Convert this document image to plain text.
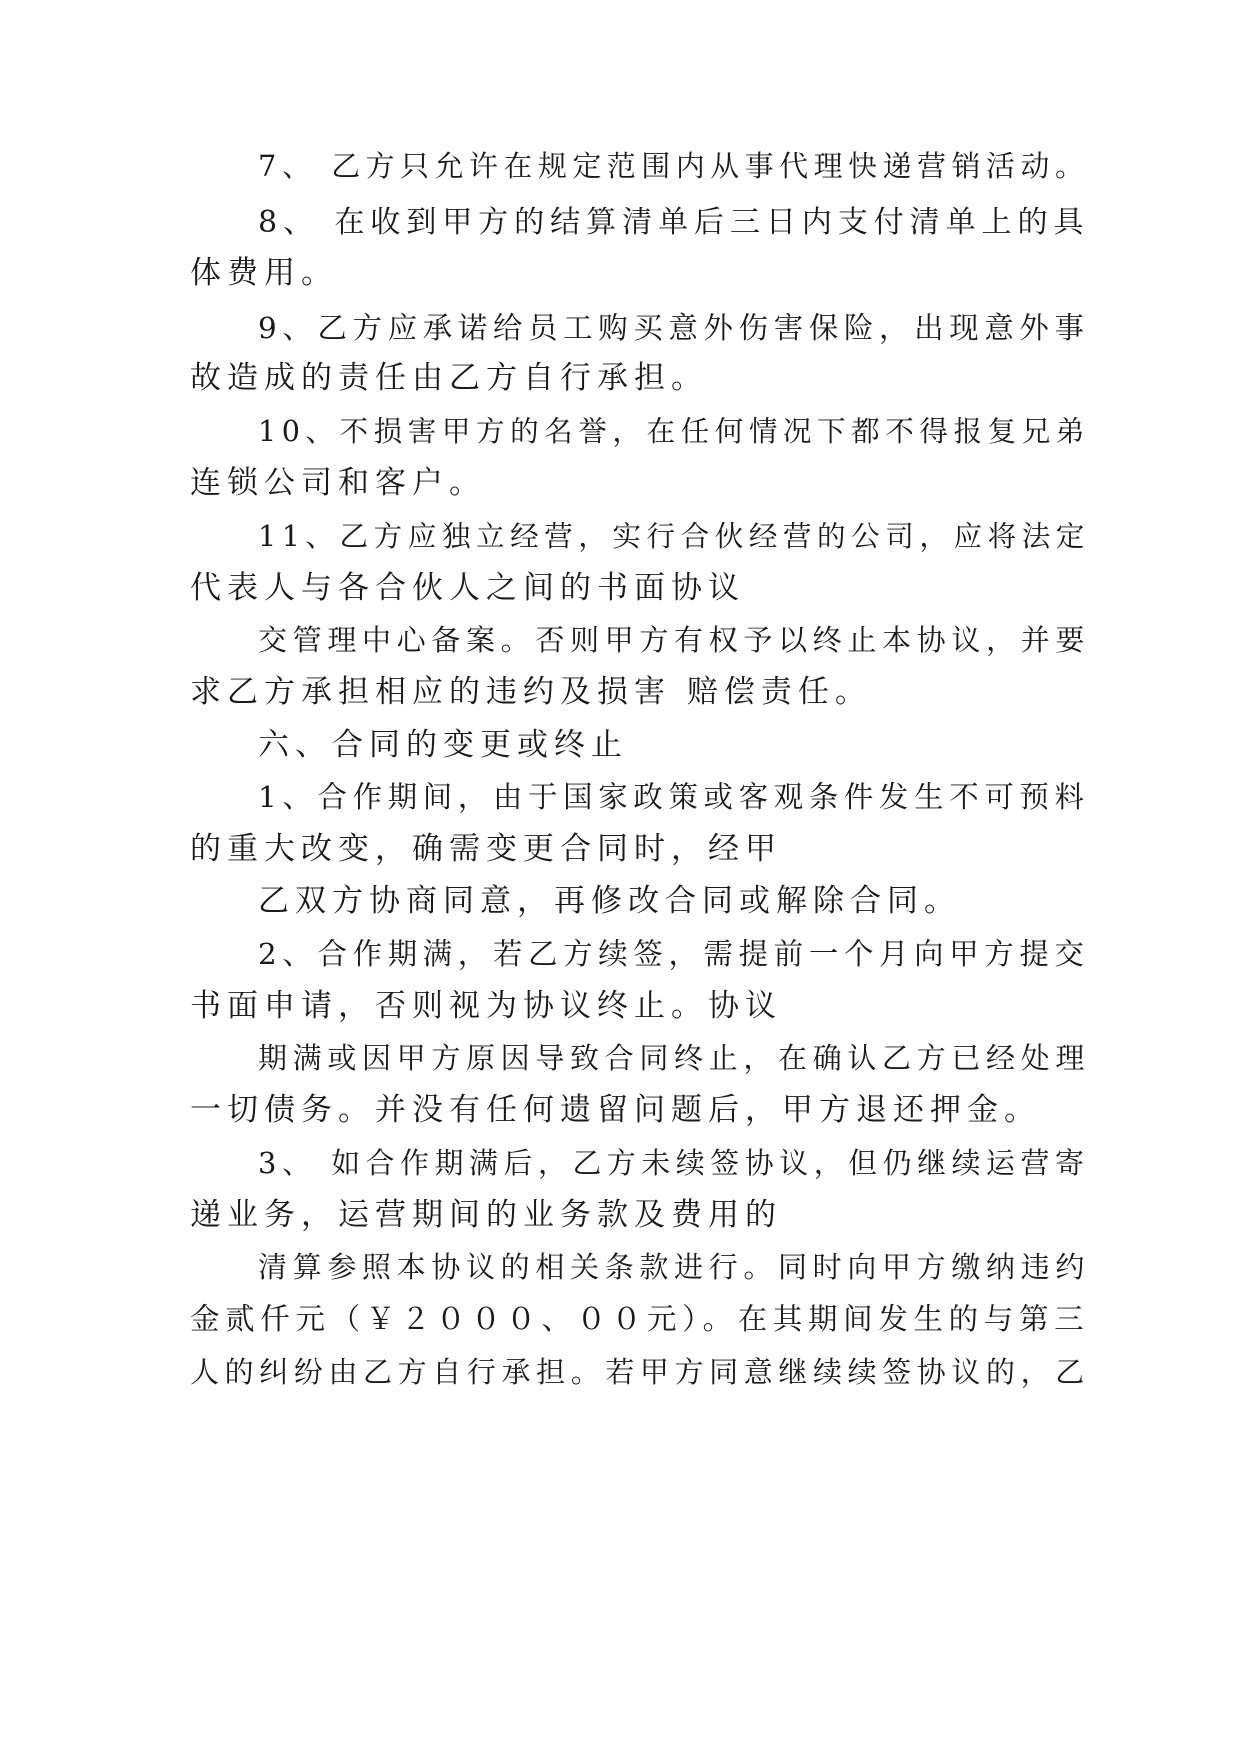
7、 乙方只允许在规定范围内从事代理快递营销活动。
8、 在收到甲方的结算清单后三日内支付清单上的具
体费用。
9、乙方应承诺给员工购买意外伤害保险，出现意外事
故造成的责任由乙方自行承担。
10、不损害甲方的名誉，在任何情况下都不得报复兄弟
连锁公司和客户。
11、乙方应独立经营，实行合伙经营的公司，应将法定
代表人与各合伙人之间的书面协议
交管理中心备案。否则甲方有权予以终止本协议，并要
求乙方承担相应的违约及损害 赔偿责任。
六、合同的变更或终止
1、合作期间，由于国家政策或客观条件发生不可预料
的重大改变，确需变更合同时，经甲
乙双方协商同意，再修改合同或解除合同。
2、合作期满，若乙方续签，需提前一个月向甲方提交
书面申请，否则视为协议终止。协议
期满或因甲方原因导致合同终止，在确认乙方已经处理
一切债务。并没有任何遗留问题后，甲方退还押金。
3、 如合作期满后，乙方未续签协议，但仍继续运营寄
递业务，运营期间的业务款及费用的
清算参照本协议的相关条款进行。同时向甲方缴纳违约
金贰仟元（￥２０００、００元）。在其期间发生的与第三
人的纠纷由乙方自行承担。若甲方同意继续续签协议的，乙
